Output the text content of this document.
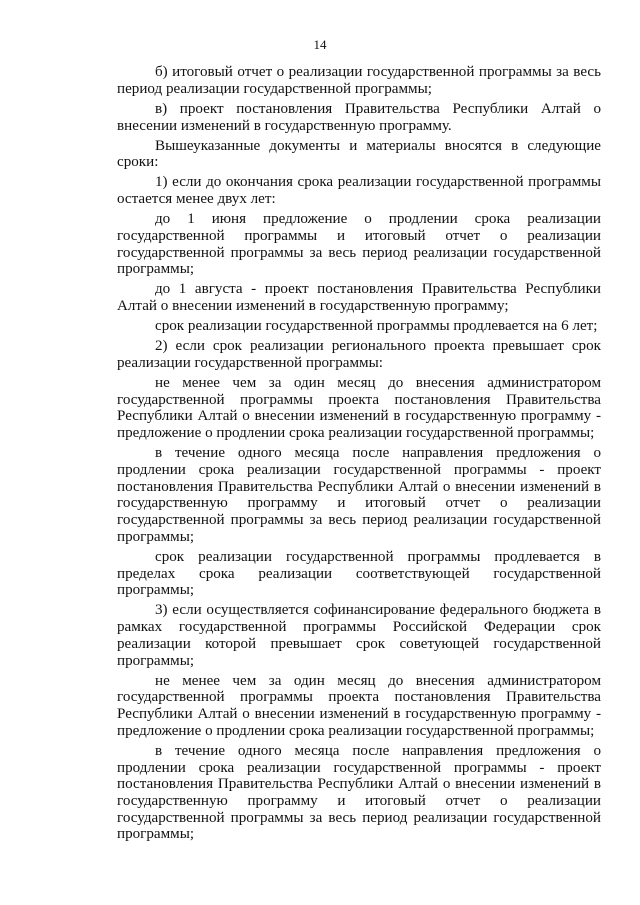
14

б) итоговый отчет о реализации государственной программы за весь период реализации государственной программы;

в) проект постановления Правительства Республики Алтай о внесении изменений в государственную программу.

Вышеуказанные документы и материалы вносятся в следующие сроки:

1) если до окончания срока реализации государственной программы остается менее двух лет:

до 1 июня предложение о продлении срока реализации государственной программы и итоговый отчет о реализации государственной программы за весь период реализации государственной программы;

до 1 августа - проект постановления Правительства Республики Алтай о внесении изменений в государственную программу;

срок реализации государственной программы продлевается на 6 лет;

2) если срок реализации регионального проекта превышает срок реализации государственной программы:

не менее чем за один месяц до внесения администратором государственной программы проекта постановления Правительства Республики Алтай о внесении изменений в государственную программу - предложение о продлении срока реализации государственной программы;

в течение одного месяца после направления предложения о продлении срока реализации государственной программы - проект постановления Правительства Республики Алтай о внесении изменений в государственную программу и итоговый отчет о реализации государственной программы за весь период реализации государственной программы;

срок реализации государственной программы продлевается в пределах срока реализации соответствующей государственной программы;

3) если осуществляется софинансирование федерального бюджета в рамках государственной программы Российской Федерации срок реализации которой превышает срок советующей государственной программы;

не менее чем за один месяц до внесения администратором государственной программы проекта постановления Правительства Республики Алтай о внесении изменений в государственную программу - предложение о продлении срока реализации государственной программы;

в течение одного месяца после направления предложения о продлении срока реализации государственной программы - проект постановления Правительства Республики Алтай о внесении изменений в государственную программу и итоговый отчет о реализации государственной программы за весь период реализации государственной программы;
